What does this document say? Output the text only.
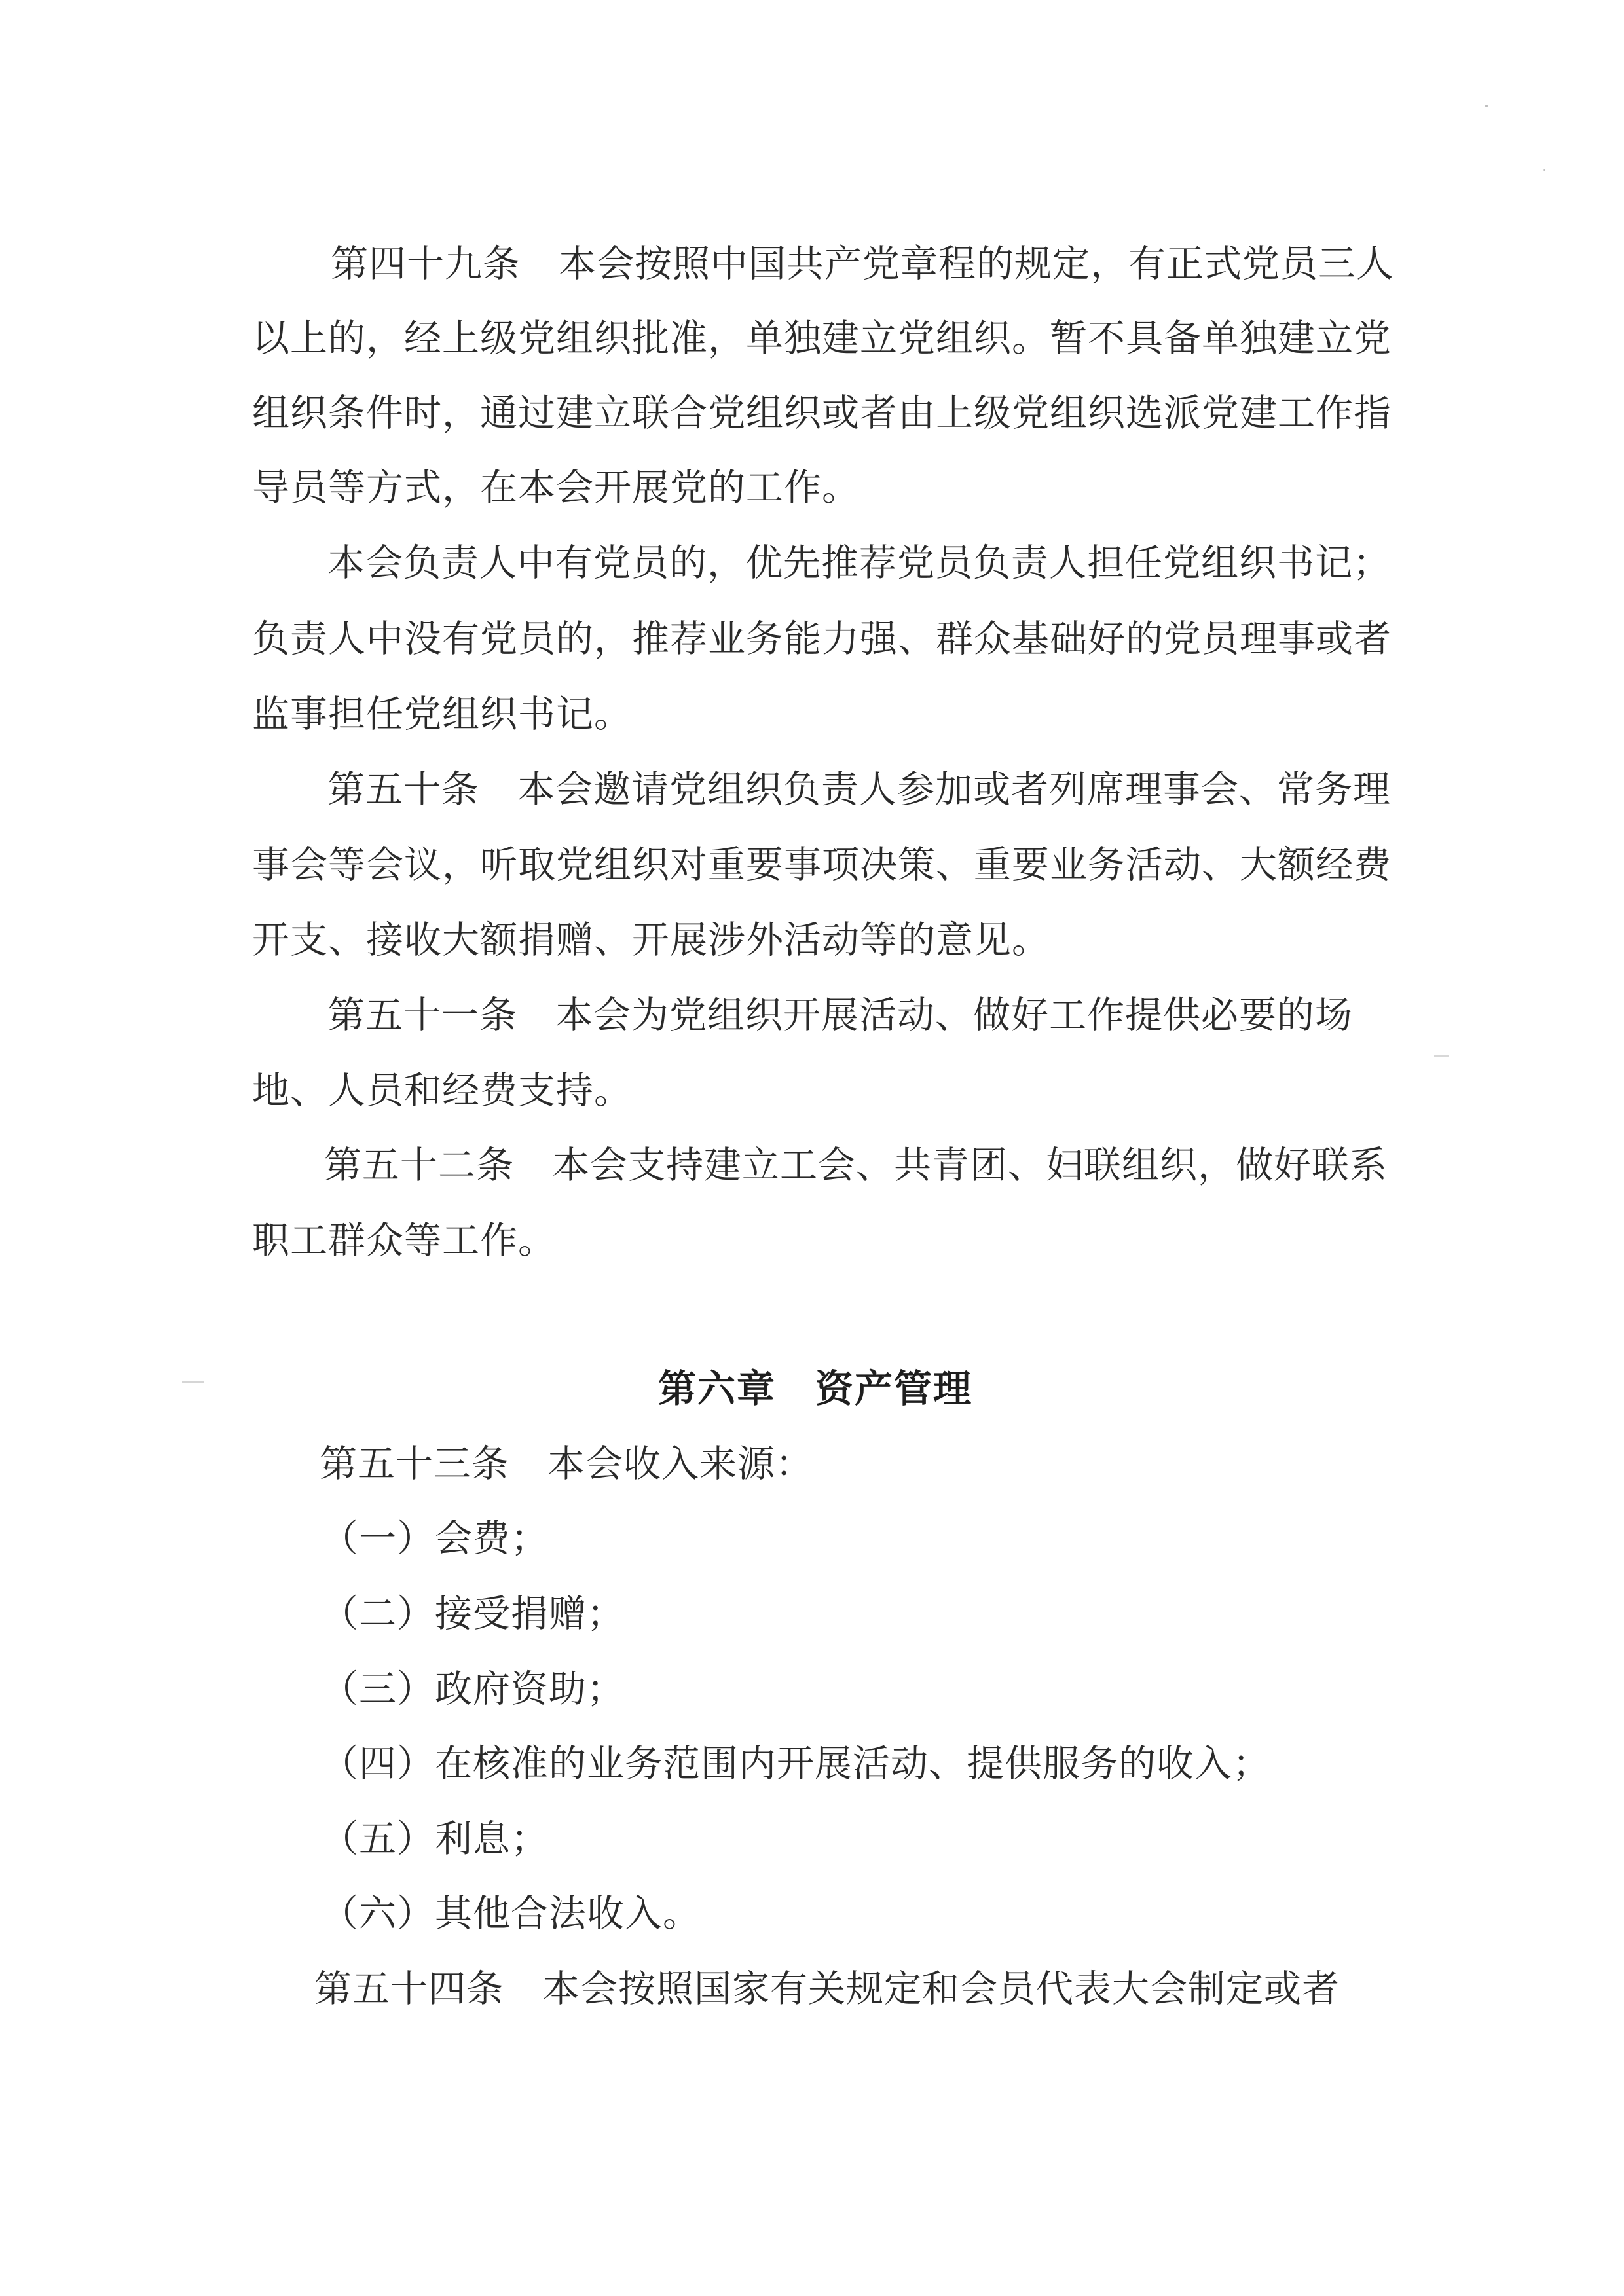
第四十九条　本会按照中国共产党章程的规定，有正式党员三人

以上的，经上级党组织批准，单独建立党组织。暂不具备单独建立党

组织条件时，通过建立联合党组织或者由上级党组织选派党建工作指

导员等方式，在本会开展党的工作。

本会负责人中有党员的，优先推荐党员负责人担任党组织书记；

负责人中没有党员的，推荐业务能力强、群众基础好的党员理事或者

监事担任党组织书记。

第五十条　本会邀请党组织负责人参加或者列席理事会、常务理

事会等会议，听取党组织对重要事项决策、重要业务活动、大额经费

开支、接收大额捐赠、开展涉外活动等的意见。

第五十一条　本会为党组织开展活动、做好工作提供必要的场

地、人员和经费支持。

第五十二条　本会支持建立工会、共青团、妇联组织，做好联系

职工群众等工作。

第六章　资产管理

第五十三条　本会收入来源：

（一）会费；

（二）接受捐赠；

（三）政府资助；

（四）在核准的业务范围内开展活动、提供服务的收入；

（五）利息；

（六）其他合法收入。

第五十四条　本会按照国家有关规定和会员代表大会制定或者
